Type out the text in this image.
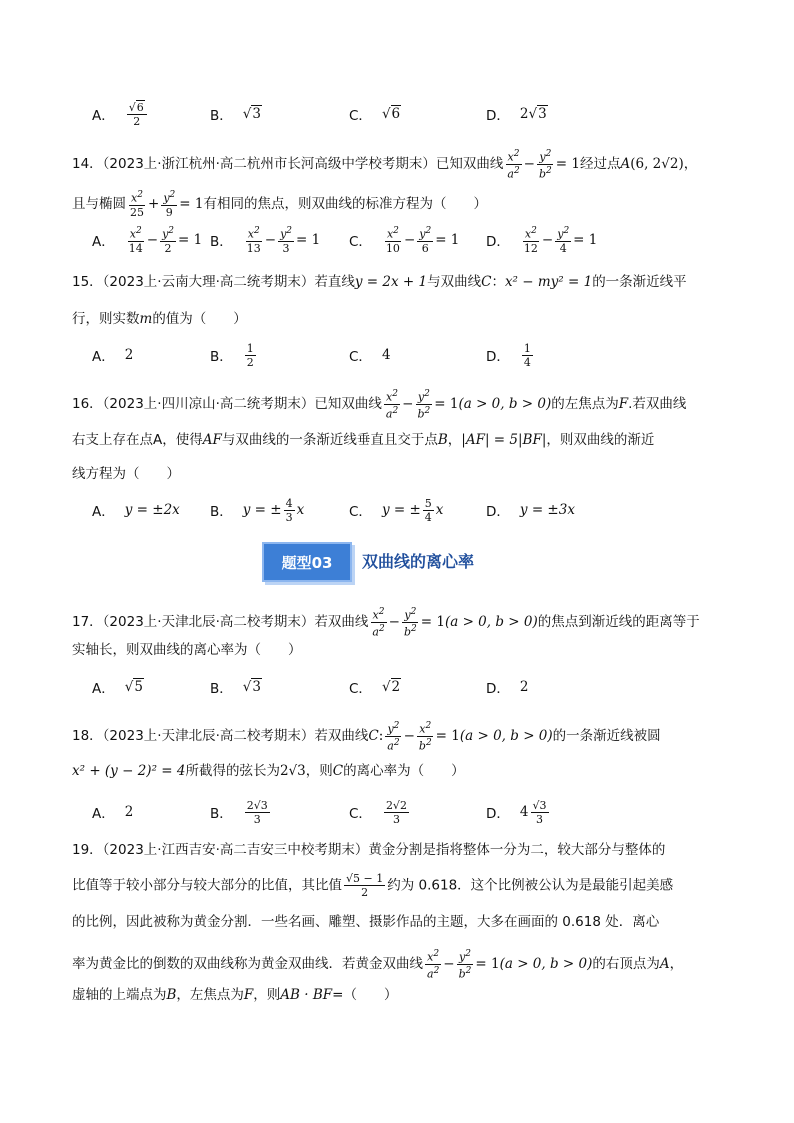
A． $\frac{√6}{2}$	B． √3	C． √6	D． 2 √3
14．（2023上·浙江杭州·高二杭州市长河高级中学校考期末）已知双曲线 $\frac{x^2}{a^2} - \frac{y^2}{b^2} = 1$经过点A(6, 2√2)，
且与椭圆 $\frac{x^2}{25} + \frac{y^2}{9} = 1$有相同的焦点，则双曲线的标准方程为（　　）
A． $\frac{x^2}{14} - \frac{y^2}{2} = 1$ B． $\frac{x^2}{13} - \frac{y^2}{3} = 1$ C． $\frac{x^2}{10} - \frac{y^2}{6} = 1$ D． $\frac{x^2}{12} - \frac{y^2}{4} = 1$
15．（2023上·云南大理·高二统考期末）若直线y = 2x + 1与双曲线C：x² − my² = 1的一条渐近线平
行，则实数m的值为（　　）
A． 2	B． $\frac{1}{2}$	C． 4	D． $\frac{1}{4}$
16．（2023上·四川凉山·高二统考期末）已知双曲线 $\frac{x^2}{a^2} - \frac{y^2}{b^2} = 1(a > 0$, b > 0)的左焦点为F.若双曲线
右支上存在点A，使得AF与双曲线的一条渐近线垂直且交于点B，|AF| = 5|BF|，则双曲线的渐近
线方程为（　　）
A． y = ±2x B． y = ± $\frac{4}{3}$ x	C． y = ± $\frac{5}{4}$ x	D． y = ±3x
题型03	双曲线的离心率
17．（2023上·天津北辰·高二校考期末）若双曲线 $\frac{x^2}{a^2} - \frac{y^2}{b^2} = 1(a > 0$, b > 0)的焦点到渐近线的距离等于
实轴长，则双曲线的离心率为（　　）
A． √5	B． √3	C． √2	D． 2
18．（2023上·天津北辰·高二校考期末）若双曲线C: $\frac{y^2}{a^2} - \frac{x^2}{b^2} = 1(a > 0$, b > 0)的一条渐近线被圆
x² + (y − 2)² = 4所截得的弦长为2√3，则C的离心率为（　　）
A． 2	B． $\frac{2√3}{3}$	C． $\frac{2√2}{3}$	D． $4 \frac{√3}{3}$
19．（2023上·江西吉安·高二吉安三中校考期末）黄金分割是指将整体一分为二，较大部分与整体的
比值等于较小部分与较大部分的比值，其比值 $\frac{√5 - 1}{2}$ 约为 0.618．这个比例被公认为是最能引起美感
的比例，因此被称为黄金分割．一些名画、雕塑、摄影作品的主题，大多在画面的 0.618 处．离心
率为黄金比的倒数的双曲线称为黄金双曲线．若黄金双曲线 $\frac{x^2}{a^2} - \frac{y^2}{b^2} = 1(a > 0$, b > 0)的右顶点为A，
虚轴的上端点为B，左焦点为F，则AB · BF=（　　）
